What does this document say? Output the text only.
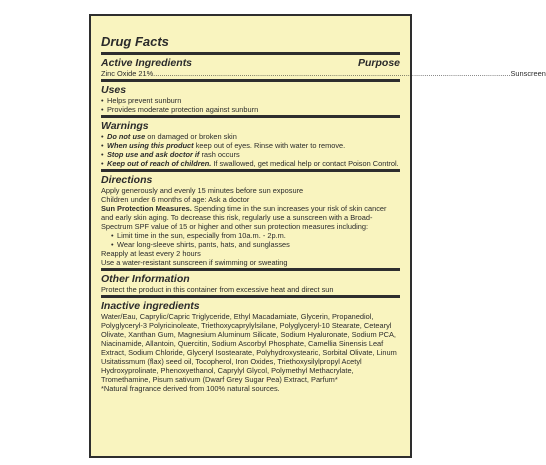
Drug Facts
Active Ingredients	Purpose
Zinc Oxide 21% .............................................................................................................................................................................. Sunscreen
Uses
• Helps prevent sunburn
• Provides moderate protection against sunburn
Warnings
• Do not use on damaged or broken skin
• When using this product keep out of eyes. Rinse with water to remove.
• Stop use and ask doctor if rash occurs
• Keep out of reach of children. If swallowed, get medical help or contact Poison Control.
Directions
Apply generously and evenly 15 minutes before sun exposure
Children under 6 months of age: Ask a doctor
Sun Protection Measures. Spending time in the sun increases your risk of skin cancer and early skin aging. To decrease this risk, regularly use a sunscreen with a Broad-Spectrum SPF value of 15 or higher and other sun protection measures including:
• Limit time in the sun, especially from 10a.m. - 2p.m.
• Wear long-sleeve shirts, pants, hats, and sunglasses
Reapply at least every 2 hours
Use a water-resistant sunscreen if swimming or sweating
Other Information
Protect the product in this container from excessive heat and direct sun
Inactive ingredients
Water/Eau, Caprylic/Capric Triglyceride, Ethyl Macadamiate, Glycerin, Propanediol, Polyglyceryl-3 Polyricinoleate, Triethoxycaprylylsilane, Polyglyceryl-10 Stearate, Cetearyl Olivate, Xanthan Gum, Magnesium Aluminum Silicate, Sodium Hyaluronate, Sodium PCA, Niacinamide, Allantoin, Quercitin, Sodium Ascorbyl Phosphate, Camellia Sinensis Leaf Extract, Sodium Chloride, Glyceryl Isostearate, Polyhydroxystearic, Sorbital Olivate, Linum Usitatissmum (flax) seed oil, Tocopherol, Iron Oxides, Triethoxysilylpropyl Acetyl Hydroxyprolinate, Phenoxyethanol, Caprylyl Glycol, Polymethyl Methacrylate, Tromethamine, Pisum sativum (Dwarf Grey Sugar Pea) Extract, Parfum*
*Natural fragrance derived from 100% natural sources.
